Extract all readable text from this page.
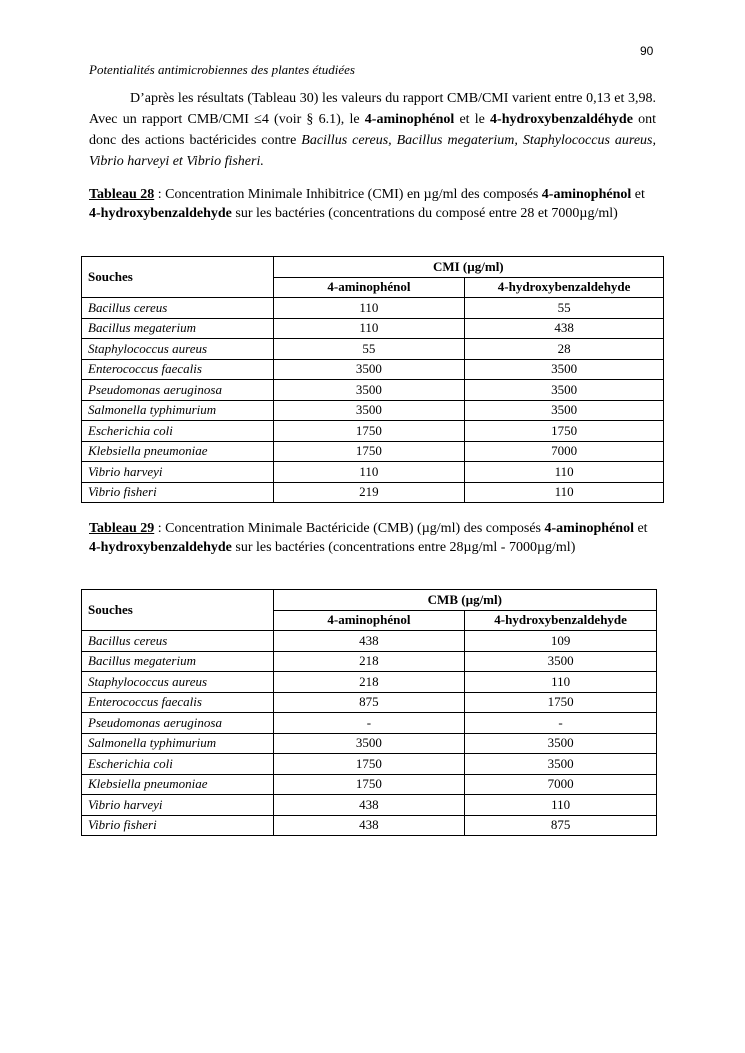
90
Potentialités antimicrobiennes des plantes étudiées
D’après les résultats (Tableau 30) les valeurs du rapport CMB/CMI varient entre 0,13 et 3,98. Avec un rapport CMB/CMI ≤4 (voir § 6.1), le 4-aminophénol et le 4-hydroxybenzaldéhyde ont donc des actions bactéricides contre Bacillus cereus, Bacillus megaterium, Staphylococcus aureus, Vibrio harveyi et Vibrio fisheri.
Tableau 28 : Concentration Minimale Inhibitrice (CMI) en µg/ml des composés 4-aminophénol et 4-hydroxybenzaldehyde sur les bactéries (concentrations du composé entre 28 et 7000µg/ml)
Souches	CMI (µg/ml)	
	4-aminophénol	4-hydroxybenzaldehyde
Bacillus cereus	110	55
Bacillus megaterium	110	438
Staphylococcus aureus	55	28
Enterococcus faecalis	3500	3500
Pseudomonas aeruginosa	3500	3500
Salmonella typhimurium	3500	3500
Escherichia coli	1750	1750
Klebsiella pneumoniae	1750	7000
Vibrio harveyi	110	110
Vibrio fisheri	219	110
Tableau 29 : Concentration Minimale Bactéricide (CMB) (µg/ml) des composés 4-aminophénol et 4-hydroxybenzaldehyde sur les bactéries (concentrations entre 28µg/ml - 7000µg/ml)
Souches	CMB (µg/ml)	
	4-aminophénol	4-hydroxybenzaldehyde
Bacillus cereus	438	109
Bacillus megaterium	218	3500
Staphylococcus aureus	218	110
Enterococcus faecalis	875	1750
Pseudomonas aeruginosa	-	-
Salmonella typhimurium	3500	3500
Escherichia coli	1750	3500
Klebsiella pneumoniae	1750	7000
Vibrio harveyi	438	110
Vibrio fisheri	438	875
